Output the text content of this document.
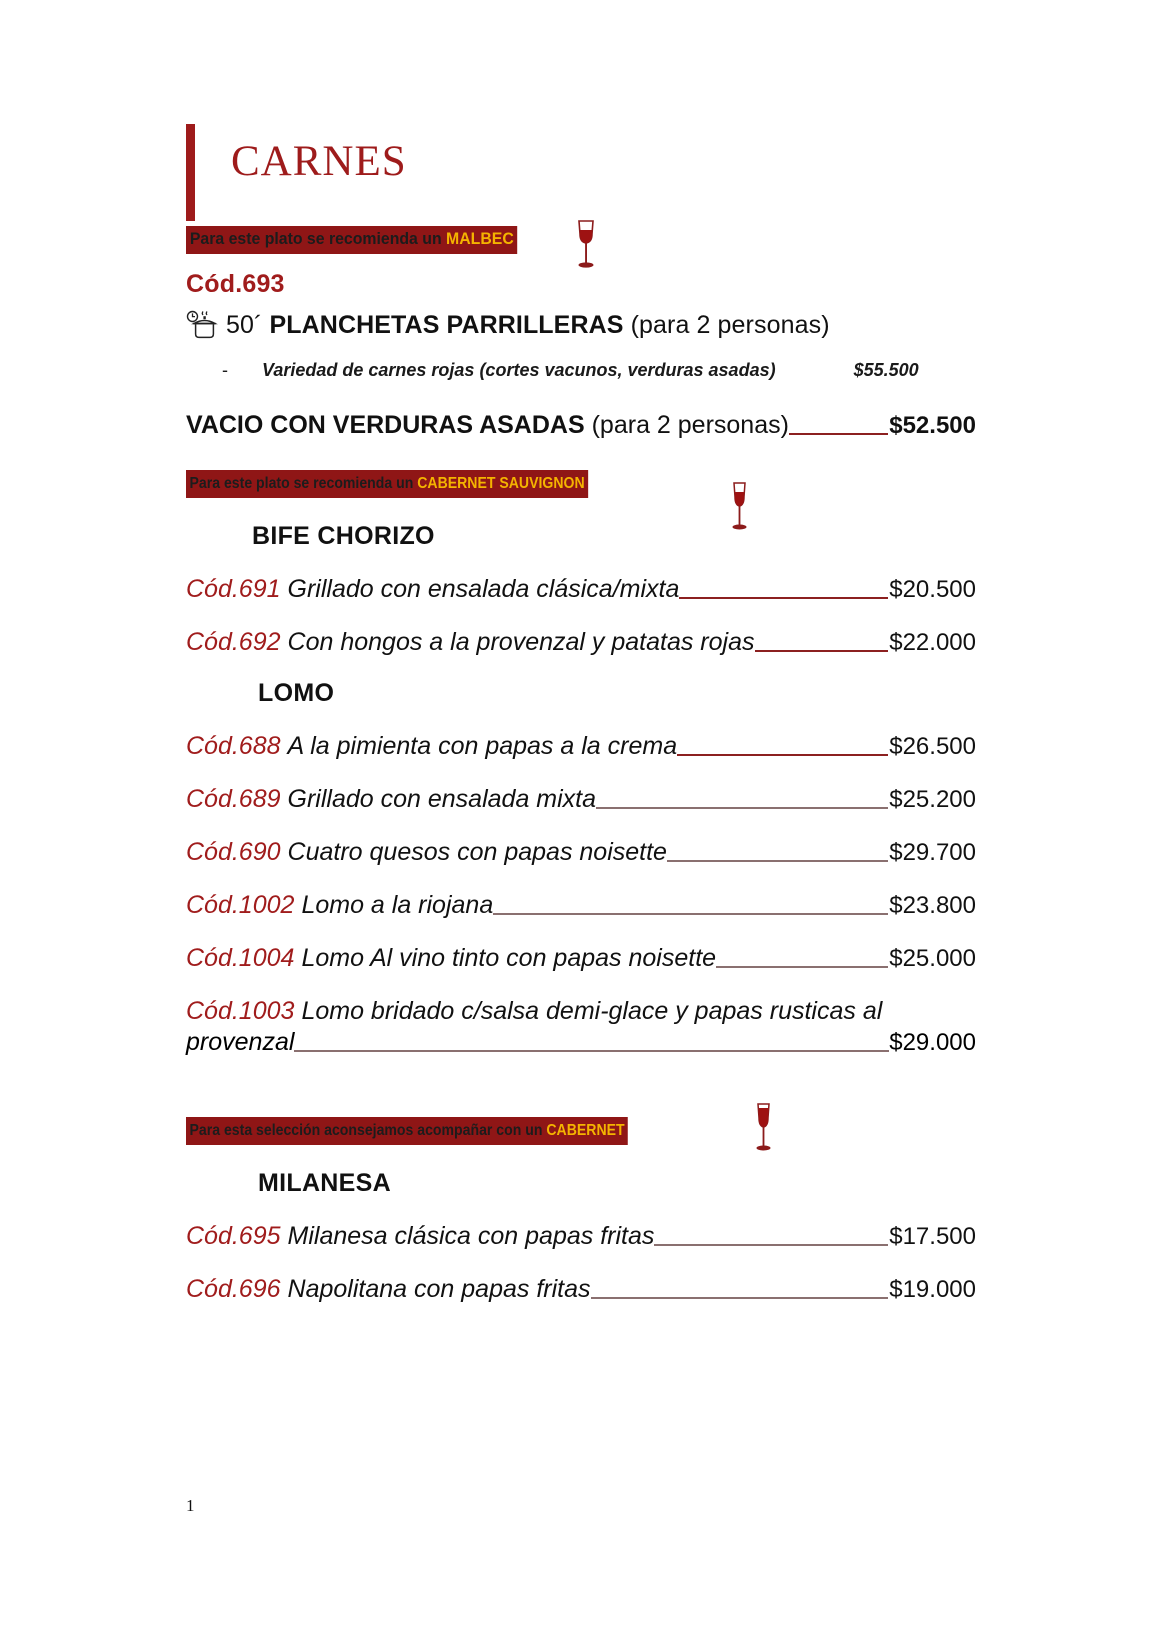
carnes
Para este plato se recomienda un MALBEC
Cód.693
50´ PLANCHETAS PARRILLERAS (para 2 personas)
-	Variedad de carnes rojas (cortes vacunos, verduras asadas)	$55.500
VACIO CON VERDURAS ASADAS
(para 2 personas)	$52.500
Para este plato se recomienda un CABERNET SAUVIGNON
BIFE CHORIZO
Cód.691 Grillado con ensalada clásica/mixta	$20.500
Cód.692 Con hongos a la provenzal y patatas rojas	$22.000
LOMO
Cód.688 A la pimienta con papas a la crema	$26.500
Cód.689 Grillado con ensalada mixta	$25.200
Cód.690 Cuatro quesos con papas noisette	$29.700
Cód.1002 Lomo a la riojana	$23.800
Cód.1004 Lomo Al vino tinto con papas noisette	$25.000
Cód.1003 Lomo bridado c/salsa demi-glace y papas rusticas al
provenzal	$29.000
Para esta selección aconsejamos acompañar con un CABERNET
MILANESA
Cód.695 Milanesa clásica con papas fritas	$17.500
Cód.696 Napolitana con papas fritas	$19.000
1
